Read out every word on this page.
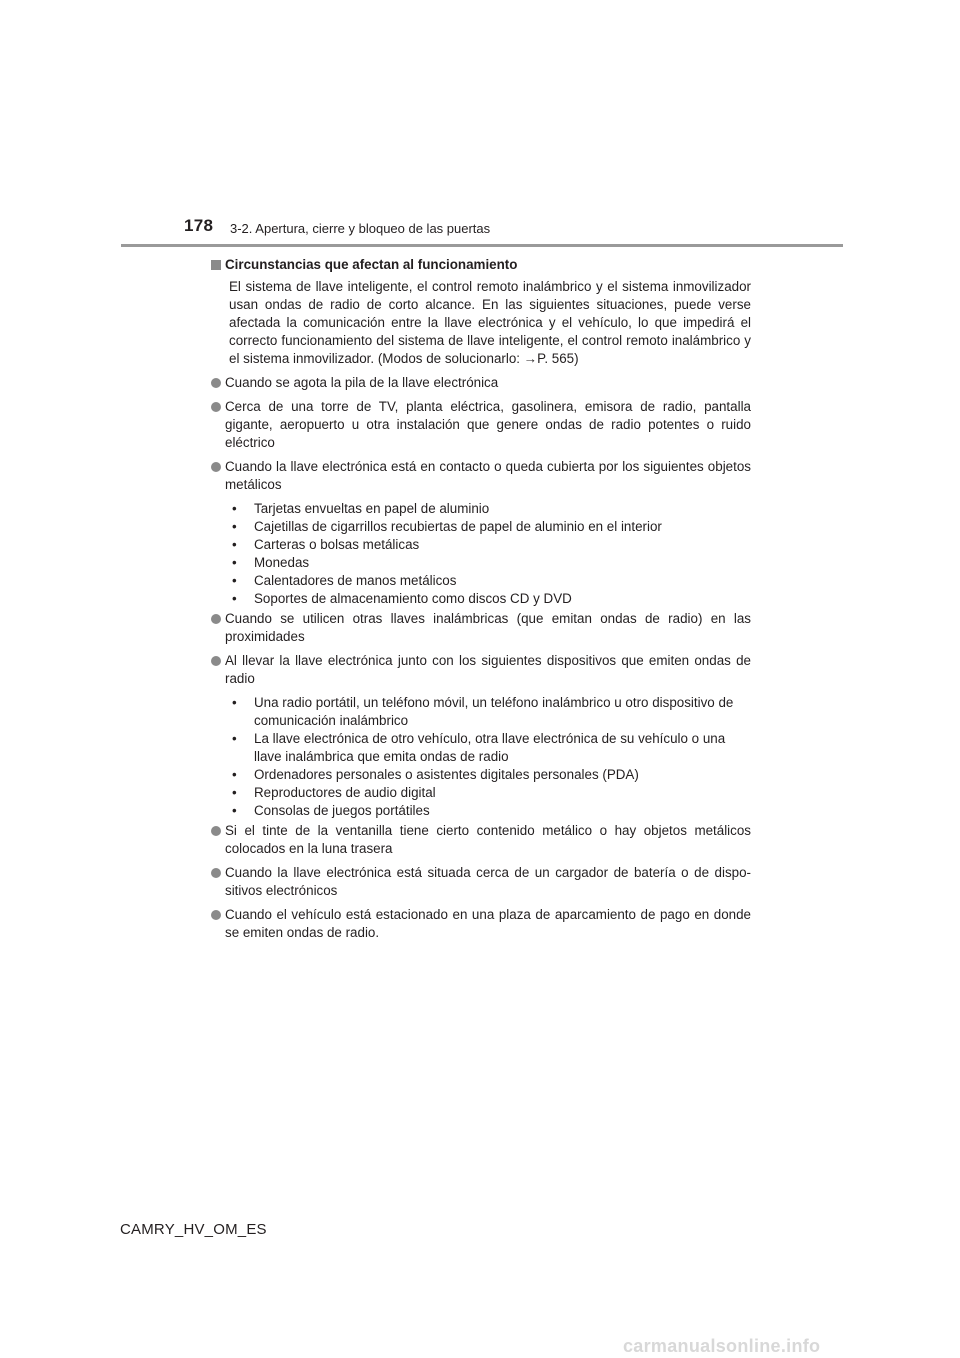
178 3-2. Apertura, cierre y bloqueo de las puertas
Circunstancias que afectan al funcionamiento
El sistema de llave inteligente, el control remoto inalámbrico y el sistema inmovilizador usan ondas de radio de corto alcance. En las siguientes situaciones, puede verse afectada la comunicación entre la llave electrónica y el vehículo, lo que impedirá el correcto funcionamiento del sistema de llave inteligente, el control remoto inalámbrico y el sistema inmovilizador. (Modos de solucionarlo: →P. 565)
Cuando se agota la pila de la llave electrónica
Cerca de una torre de TV, planta eléctrica, gasolinera, emisora de radio, pantalla gigante, aeropuerto u otra instalación que genere ondas de radio potentes o ruido eléctrico
Cuando la llave electrónica está en contacto o queda cubierta por los siguientes objetos metálicos
•	Tarjetas envueltas en papel de aluminio
•	Cajetillas de cigarrillos recubiertas de papel de aluminio en el interior
•	Carteras o bolsas metálicas
•	Monedas
•	Calentadores de manos metálicos
•	Soportes de almacenamiento como discos CD y DVD
Cuando se utilicen otras llaves inalámbricas (que emitan ondas de radio) en las proximidades
Al llevar la llave electrónica junto con los siguientes dispositivos que emiten ondas de radio
•	Una radio portátil, un teléfono móvil, un teléfono inalámbrico u otro dispositivo de comunicación inalámbrico
•	La llave electrónica de otro vehículo, otra llave electrónica de su vehículo o una llave inalámbrica que emita ondas de radio
•	Ordenadores personales o asistentes digitales personales (PDA)
•	Reproductores de audio digital
•	Consolas de juegos portátiles
Si el tinte de la ventanilla tiene cierto contenido metálico o hay objetos metálicos colocados en la luna trasera
Cuando la llave electrónica está situada cerca de un cargador de batería o de dispo-sitivos electrónicos
Cuando el vehículo está estacionado en una plaza de aparcamiento de pago en donde se emiten ondas de radio.
CAMRY_HV_OM_ES
carmanualsonline.info
